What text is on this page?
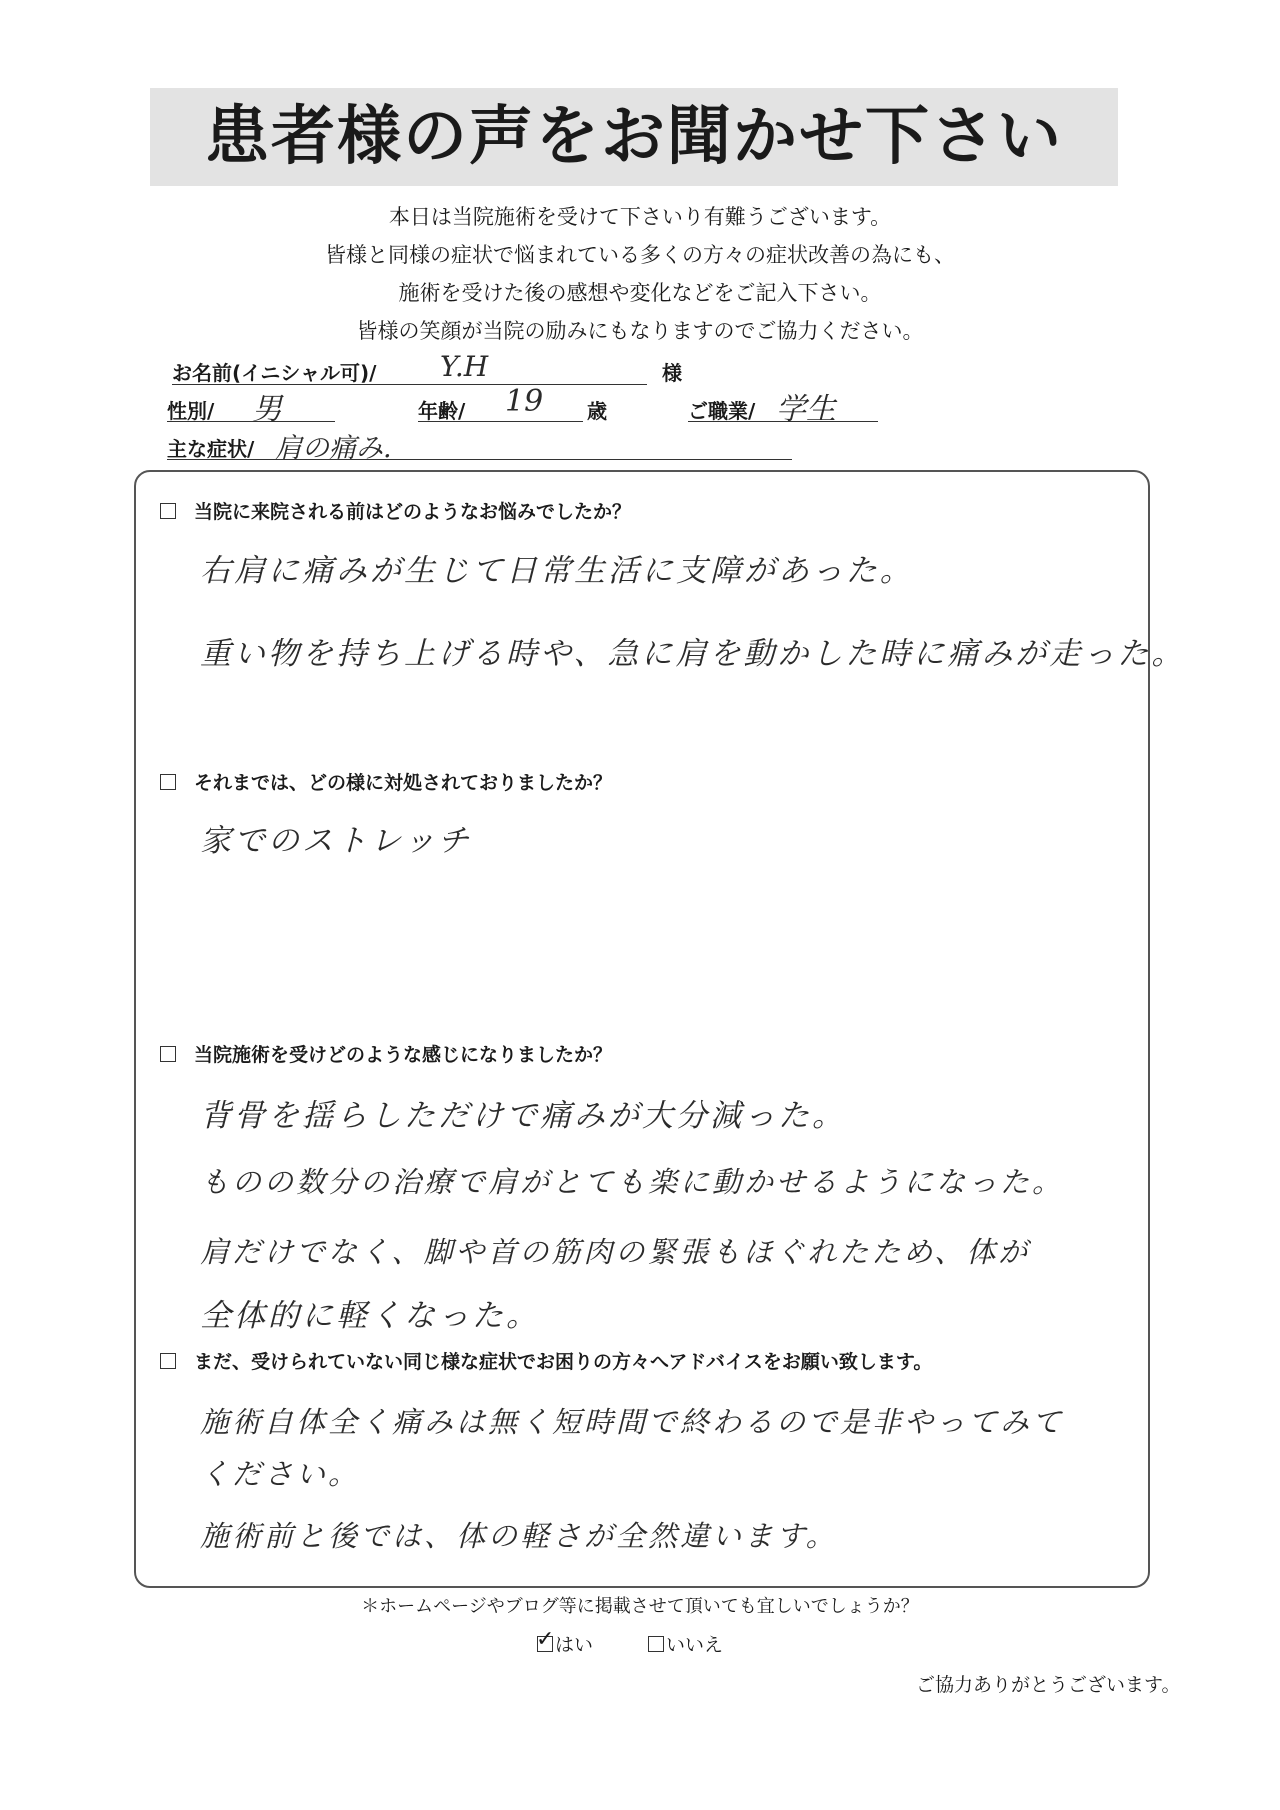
患者様の声をお聞かせ下さい
本日は当院施術を受けて下さいり有難うございます。
皆様と同様の症状で悩まれている多くの方々の症状改善の為にも、
施術を受けた後の感想や変化などをご記入下さい。
皆様の笑顔が当院の励みにもなりますのでご協力ください。
お名前(イニシャル可)/ Y.H	様
性別/ 男	年齢/ 19 歳	ご職業/ 学生
主な症状/ 肩の痛み.
当院に来院される前はどのようなお悩みでしたか？
右肩に痛みが生じて日常生活に支障があった。
重い物を持ち上げる時や、急に肩を動かした時に痛みが走った。
それまでは、どの様に対処されておりましたか？
家でのストレッチ
当院施術を受けどのような感じになりましたか？
背骨を揺らしただけで痛みが大分減った。
ものの数分の治療で肩がとても楽に動かせるようになった。
肩だけでなく、脚や首の筋肉の緊張もほぐれたため、体が
全体的に軽くなった。
まだ、受けられていない同じ様な症状でお困りの方々へアドバイスをお願い致します。
施術自体全く痛みは無く短時間で終わるので是非やってみて
ください。
施術前と後では、体の軽さが全然違います。
＊ホームページやブログ等に掲載させて頂いても宜しいでしょうか？
✓ はい	いいえ
ご協力ありがとうございます。
